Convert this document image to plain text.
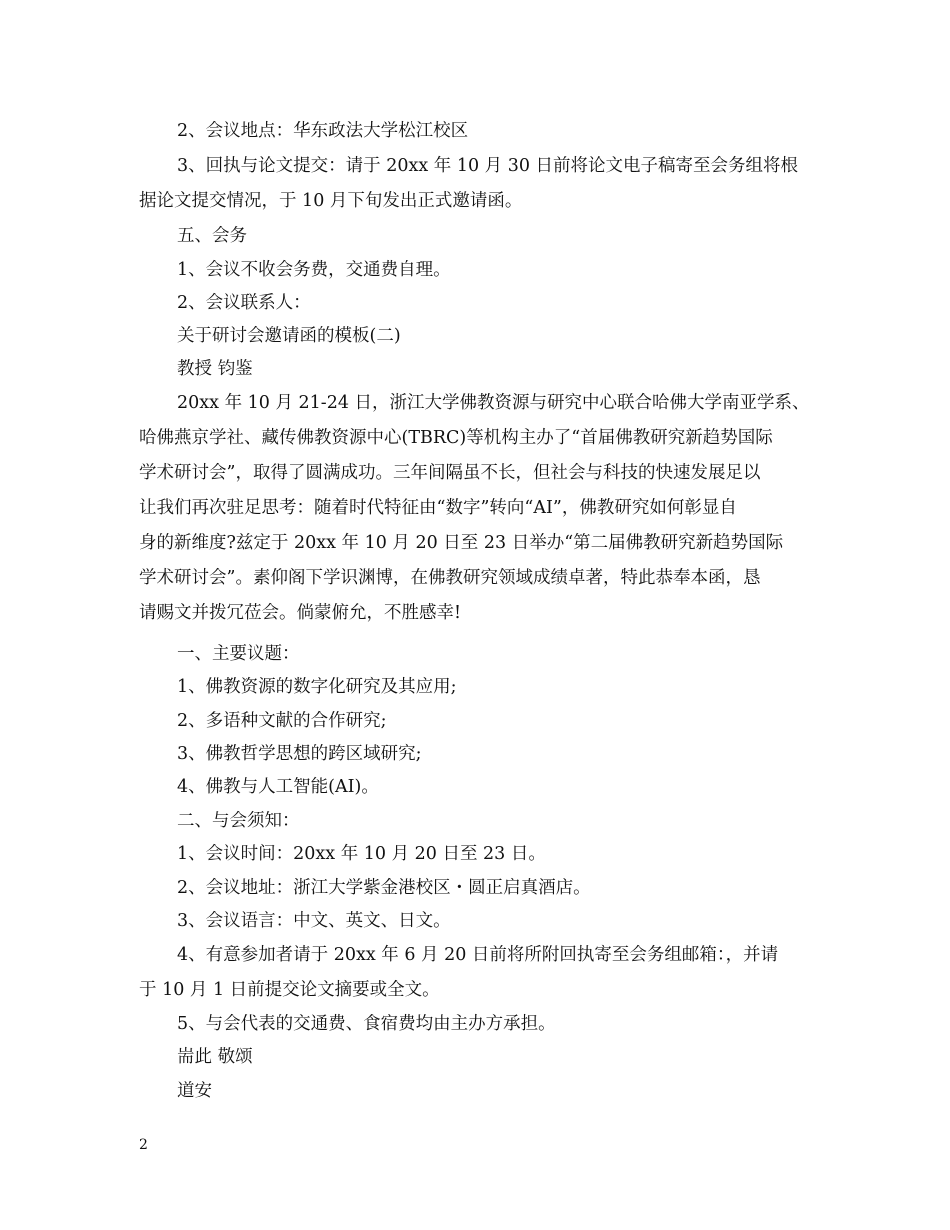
2、会议地点：华东政法大学松江校区
3、回执与论文提交：请于 20xx 年 10 月 30 日前将论文电子稿寄至会务组将根
据论文提交情况，于 10 月下旬发出正式邀请函。
五、会务
1、会议不收会务费，交通费自理。
2、会议联系人：
关于研讨会邀请函的模板(二)
教授 钧鉴
20xx 年 10 月 21-24 日，浙江大学佛教资源与研究中心联合哈佛大学南亚学系、
哈佛燕京学社、藏传佛教资源中心(TBRC)等机构主办了“首届佛教研究新趋势国际
学术研讨会”，取得了圆满成功。三年间隔虽不长，但社会与科技的快速发展足以
让我们再次驻足思考：随着时代特征由“数字”转向“AI”，佛教研究如何彰显自
身的新维度?兹定于 20xx 年 10 月 20 日至 23 日举办“第二届佛教研究新趋势国际
学术研讨会”。素仰阁下学识渊博，在佛教研究领域成绩卓著，特此恭奉本函，恳
请赐文并拨冗莅会。倘蒙俯允，不胜感幸!
一、主要议题：
1、佛教资源的数字化研究及其应用;
2、多语种文献的合作研究;
3、佛教哲学思想的跨区域研究;
4、佛教与人工智能(AI)。
二、与会须知：
1、会议时间：20xx 年 10 月 20 日至 23 日。
2、会议地址：浙江大学紫金港校区・圆正启真酒店。
3、会议语言：中文、英文、日文。
4、有意参加者请于 20xx 年 6 月 20 日前将所附回执寄至会务组邮箱：，并请
于 10 月 1 日前提交论文摘要或全文。
5、与会代表的交通费、食宿费均由主办方承担。
耑此 敬颂
道安
2
